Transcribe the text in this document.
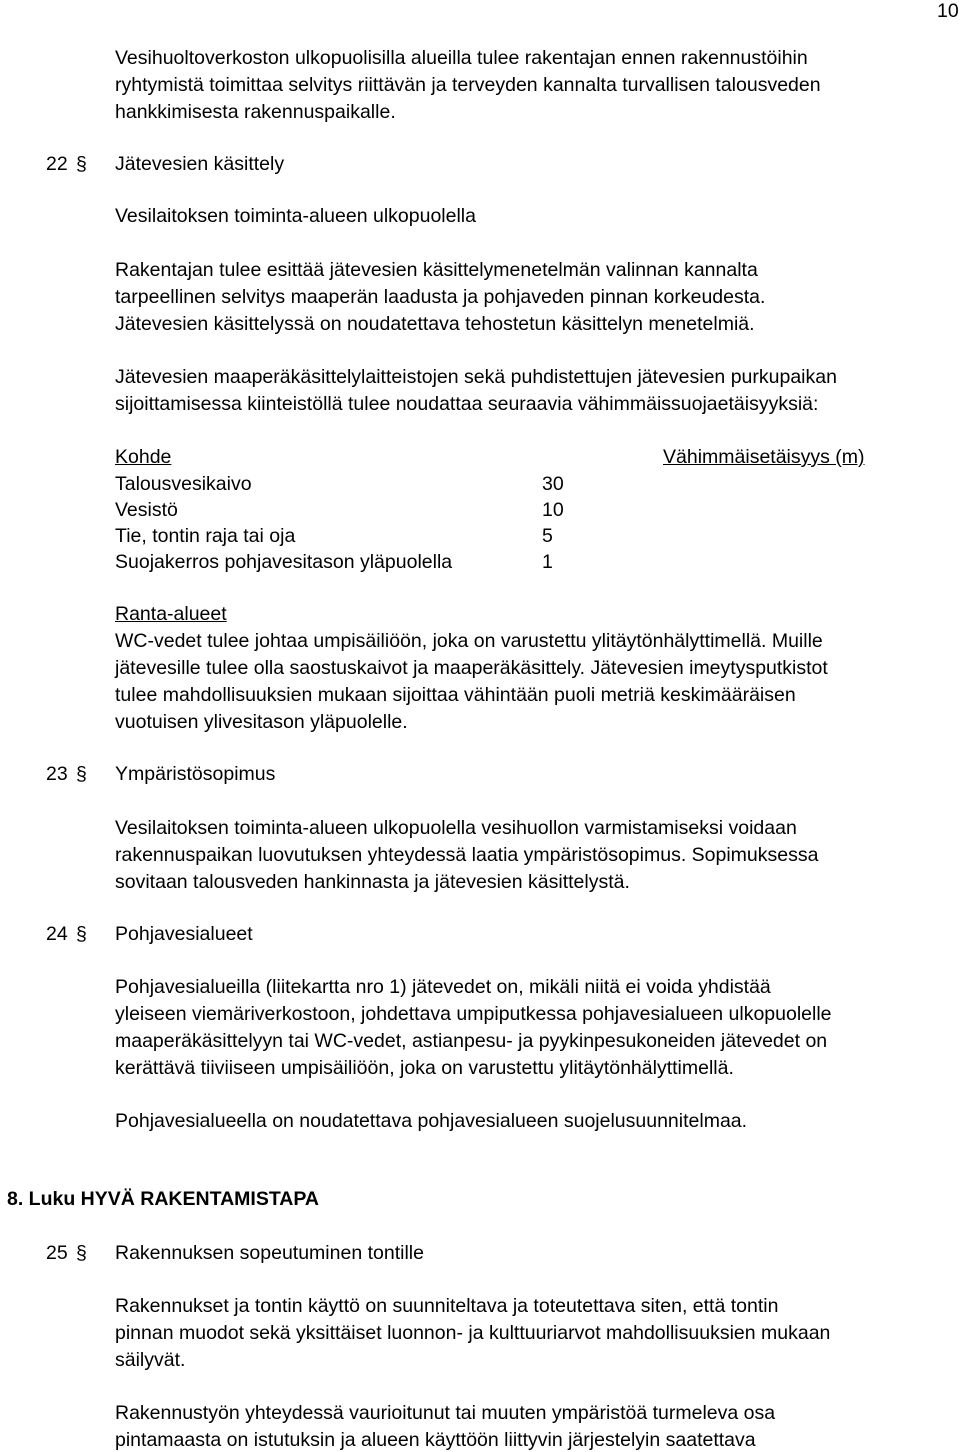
10
Vesihuoltoverkoston ulkopuolisilla alueilla tulee rakentajan ennen rakennustöihin
ryhtymistä toimittaa selvitys riittävän ja terveyden kannalta turvallisen talousveden
hankkimisesta rakennuspaikalle.
22 § Jätevesien käsittely
Vesilaitoksen toiminta-alueen ulkopuolella
Rakentajan tulee esittää jätevesien käsittelymenetelmän valinnan kannalta
tarpeellinen selvitys maaperän laadusta ja pohjaveden pinnan korkeudesta.
Jätevesien käsittelyssä on noudatettava tehostetun käsittelyn menetelmiä.
Jätevesien maaperäkäsittelylaitteistojen sekä puhdistettujen jätevesien purkupaikan
sijoittamisessa kiinteistöllä tulee noudattaa seuraavia vähimmäissuojaetäisyyksiä:
Kohde	Vähimmäisetäisyys (m)
Talousvesikaivo	30
Vesistö	10
Tie, tontin raja tai oja	5
Suojakerros pohjavesitason yläpuolella	1
Ranta-alueet
WC-vedet tulee johtaa umpisäiliöön, joka on varustettu ylitäytönhälyttimellä. Muille
jätevesille tulee olla saostuskaivot ja maaperäkäsittely. Jätevesien imeytysputkistot
tulee mahdollisuuksien mukaan sijoittaa vähintään puoli metriä keskimääräisen
vuotuisen ylivesitason yläpuolelle.
23 § Ympäristösopimus
Vesilaitoksen toiminta-alueen ulkopuolella vesihuollon varmistamiseksi voidaan
rakennuspaikan luovutuksen yhteydessä laatia ympäristösopimus. Sopimuksessa
sovitaan talousveden hankinnasta ja jätevesien käsittelystä.
24 § Pohjavesialueet
Pohjavesialueilla (liitekartta nro 1) jätevedet on, mikäli niitä ei voida yhdistää
yleiseen viemäriverkostoon, johdettava umpiputkessa pohjavesialueen ulkopuolelle
maaperäkäsittelyyn tai WC-vedet, astianpesu- ja pyykinpesukoneiden jätevedet on
kerättävä tiiviiseen umpisäiliöön, joka on varustettu ylitäytönhälyttimellä.
Pohjavesialueella on noudatettava pohjavesialueen suojelusuunnitelmaa.
8. Luku HYVÄ RAKENTAMISTAPA
25 § Rakennuksen sopeutuminen tontille
Rakennukset ja tontin käyttö on suunniteltava ja toteutettava siten, että tontin
pinnan muodot sekä yksittäiset luonnon- ja kulttuuriarvot mahdollisuuksien mukaan
säilyvät.
Rakennustyön yhteydessä vaurioitunut tai muuten ympäristöä turmeleva osa
pintamaasta on istutuksin ja alueen käyttöön liittyvin järjestelyin saatettava
